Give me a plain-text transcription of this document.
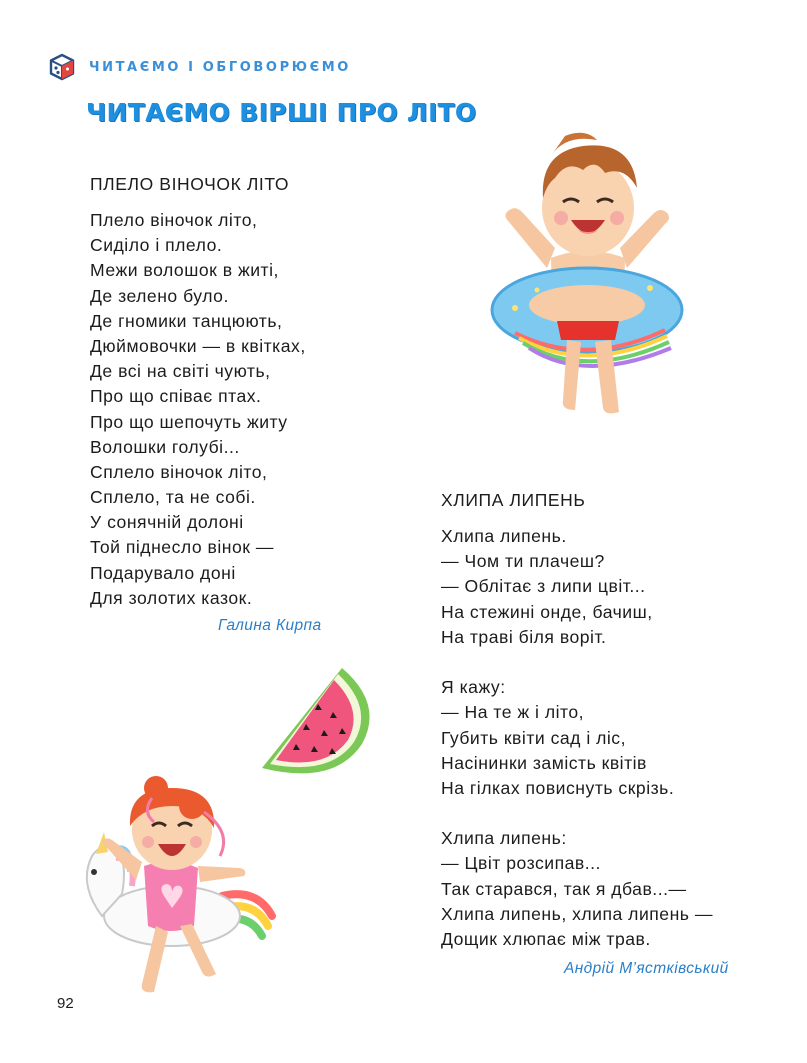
ЧИТАЄМО І ОБГОВОРЮЄМО
ЧИТАЄМО ВІРШІ ПРО ЛІТО
ПЛЕЛО ВІНОЧОК ЛІТО
Плело віночок літо,
Сиділо і плело.
Межи волошок в житі,
Де зелено було.
Де гномики танцюють,
Дюймовочки — в квітках,
Де всі на світі чують,
Про що співає птах.
Про що шепочуть житу
Волошки голубі...
Сплело віночок літо,
Сплело, та не собі.
У сонячній долоні
Той піднесло вінок —
Подарувало доні
Для золотих казок.
Галина Кирпа
ХЛИПА ЛИПЕНЬ
Хлипа липень.
— Чом ти плачеш?
— Облітає з липи цвіт...
На стежині онде, бачиш,
На траві біля воріт.
Я кажу:
— На те ж і літо,
Губить квіти сад і ліс,
Насінинки замість квітів
На гілках повиснуть скрізь.
Хлипа липень:
— Цвіт розсипав...
Так старався, так я дбав...—
Хлипа липень, хлипа липень —
Дощик хлюпає між трав.
Андрій М’ястківський
92
